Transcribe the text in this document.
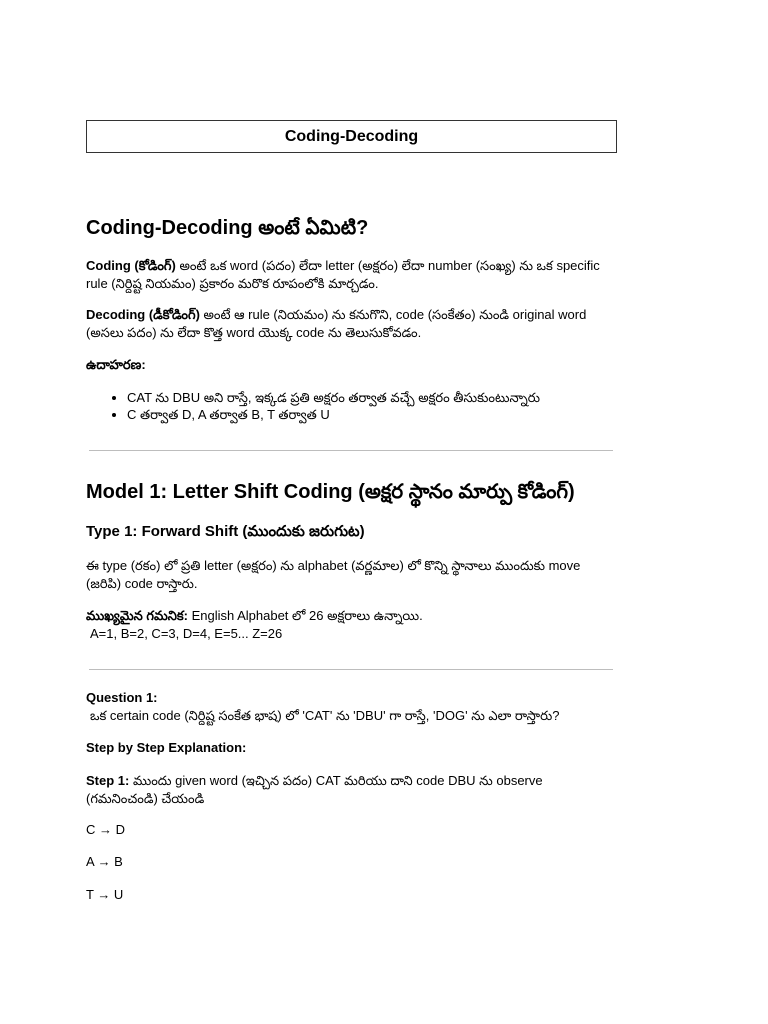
Coding-Decoding
Coding-Decoding అంటే ఏమిటి?

Coding (కోడింగ్) అంటే ఒక word (పదం) లేదా letter (అక్షరం) లేదా number (సంఖ్య) ను ఒక specific rule (నిర్దిష్ట నియమం) ప్రకారం మరొక రూపంలోకి మార్చడం.

Decoding (డీకోడింగ్) అంటే ఆ rule (నియమం) ను కనుగొని, code (సంకేతం) నుండి original word (అసలు పదం) ను లేదా కొత్త word యొక్క code ను తెలుసుకోవడం.

ఉదాహరణ:

• CAT ను DBU అని రాస్తే, ఇక్కడ ప్రతి అక్షరం తర్వాత వచ్చే అక్షరం తీసుకుంటున్నారు
• C తర్వాత D, A తర్వాత B, T తర్వాత U
Model 1: Letter Shift Coding (అక్షర స్థానం మార్పు కోడింగ్)
Type 1: Forward Shift (ముందుకు జరుగుట)

ఈ type (రకం) లో ప్రతి letter (అక్షరం) ను alphabet (వర్ణమాల) లో కొన్ని స్థానాలు ముందుకు move (జరిపి) code రాస్తారు.

ముఖ్యమైన గమనిక: English Alphabet లో 26 అక్షరాలు ఉన్నాయి.
A=1, B=2, C=3, D=4, E=5... Z=26

Question 1:
ఒక certain code (నిర్దిష్ట సంకేత భాష) లో 'CAT' ను 'DBU' గా రాస్తే, 'DOG' ను ఎలా రాస్తారు?

Step by Step Explanation:

Step 1: ముందు given word (ఇచ్చిన పదం) CAT మరియు దాని code DBU ను observe (గమనించండి) చేయండి

C → D

A → B

T → U
